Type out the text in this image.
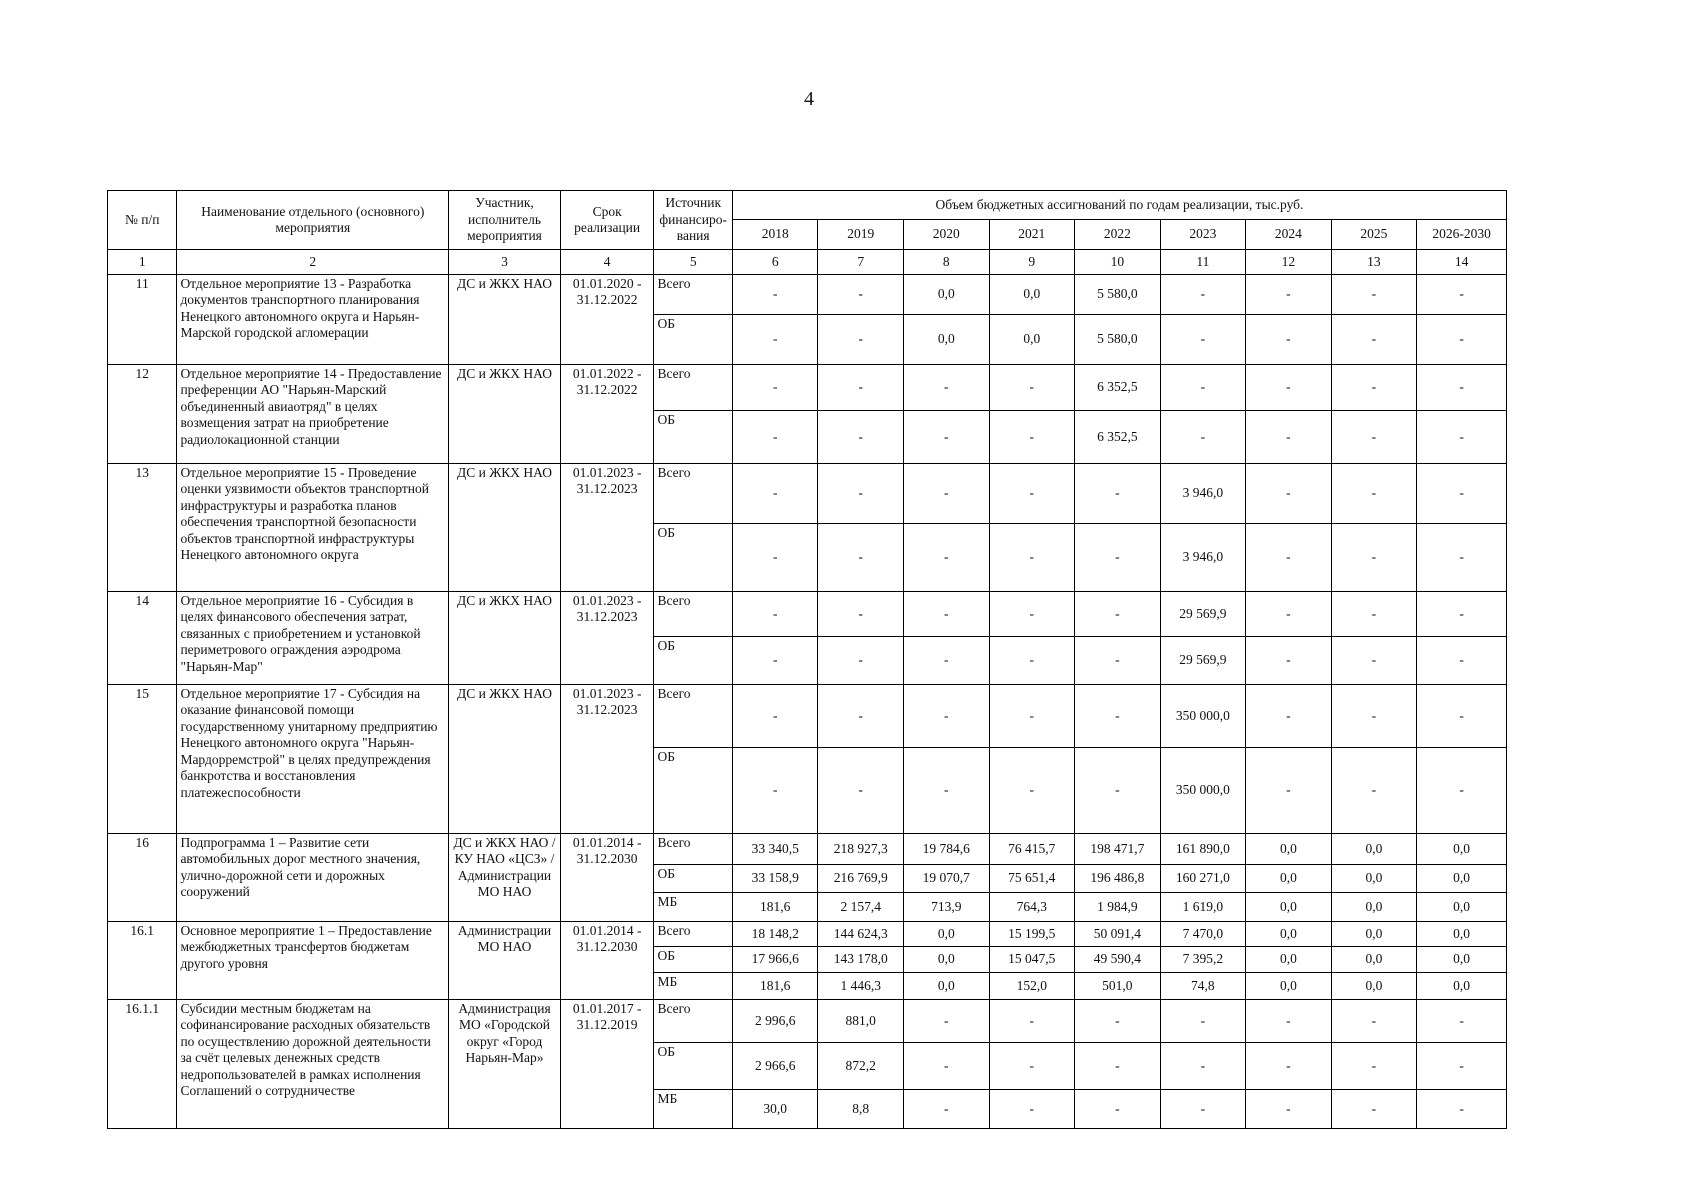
4
№ п/п	Наименование отдельного (основного) мероприятия	Участник, исполнитель мероприятия	Срок реализации	Источник финансиро-вания	Объем бюджетных ассигнований по годам реализации, тыс.руб.								
					2018	2019	2020	2021	2022	2023	2024	2025	2026-2030
1	2	3	4	5	6	7	8	9	10	11	12	13	14
11	Отдельное мероприятие 13 - Разработка документов транспортного планирования Ненецкого автономного округа и Нарьян-Марской городской агломерации	ДС и ЖКХ НАО	01.01.2020 - 31.12.2022	Всего	-	-	0,0	0,0	5 580,0	-	-	-	-
				ОБ	-	-	0,0	0,0	5 580,0	-	-	-	-
12	Отдельное мероприятие 14 - Предоставление преференции АО "Нарьян-Марский объединенный авиаотряд" в целях возмещения затрат на приобретение радиолокационной станции	ДС и ЖКХ НАО	01.01.2022 - 31.12.2022	Всего	-	-	-	-	6 352,5	-	-	-	-
				ОБ	-	-	-	-	6 352,5	-	-	-	-
13	Отдельное мероприятие 15 - Проведение оценки уязвимости объектов транспортной инфраструктуры и разработка планов обеспечения транспортной безопасности объектов транспортной инфраструктуры Ненецкого автономного округа	ДС и ЖКХ НАО	01.01.2023 - 31.12.2023	Всего	-	-	-	-	-	3 946,0	-	-	-
				ОБ	-	-	-	-	-	3 946,0	-	-	-
14	Отдельное мероприятие 16 - Субсидия в целях финансового обеспечения затрат, связанных с приобретением и установкой периметрового ограждения аэродрома "Нарьян-Мар"	ДС и ЖКХ НАО	01.01.2023 - 31.12.2023	Всего	-	-	-	-	-	29 569,9	-	-	-
				ОБ	-	-	-	-	-	29 569,9	-	-	-
15	Отдельное мероприятие 17 - Субсидия на оказание финансовой помощи государственному унитарному предприятию Ненецкого автономного округа "Нарьян-Мардорремстрой" в целях предупреждения банкротства и восстановления платежеспособности	ДС и ЖКХ НАО	01.01.2023 - 31.12.2023	Всего	-	-	-	-	-	350 000,0	-	-	-
				ОБ	-	-	-	-	-	350 000,0	-	-	-
16	Подпрограмма 1 – Развитие сети автомобильных дорог местного значения, улично-дорожной сети и дорожных сооружений	ДС и ЖКХ НАО / КУ НАО «ЦСЗ» / Администрации МО НАО	01.01.2014 - 31.12.2030	Всего	33 340,5	218 927,3	19 784,6	76 415,7	198 471,7	161 890,0	0,0	0,0	0,0
				ОБ	33 158,9	216 769,9	19 070,7	75 651,4	196 486,8	160 271,0	0,0	0,0	0,0
				МБ	181,6	2 157,4	713,9	764,3	1 984,9	1 619,0	0,0	0,0	0,0
16.1	Основное мероприятие 1 – Предоставление межбюджетных трансфертов бюджетам другого уровня	Администрации МО НАО	01.01.2014 - 31.12.2030	Всего	18 148,2	144 624,3	0,0	15 199,5	50 091,4	7 470,0	0,0	0,0	0,0
				ОБ	17 966,6	143 178,0	0,0	15 047,5	49 590,4	7 395,2	0,0	0,0	0,0
				МБ	181,6	1 446,3	0,0	152,0	501,0	74,8	0,0	0,0	0,0
16.1.1	Субсидии местным бюджетам на софинансирование расходных обязательств по осуществлению дорожной деятельности за счёт целевых денежных средств недропользователей в рамках исполнения Соглашений о сотрудничестве	Администрация МО «Городской округ «Город Нарьян-Мар»	01.01.2017 - 31.12.2019	Всего	2 996,6	881,0	-	-	-	-	-	-	-
				ОБ	2 966,6	872,2	-	-	-	-	-	-	-
				МБ	30,0	8,8	-	-	-	-	-	-	-
